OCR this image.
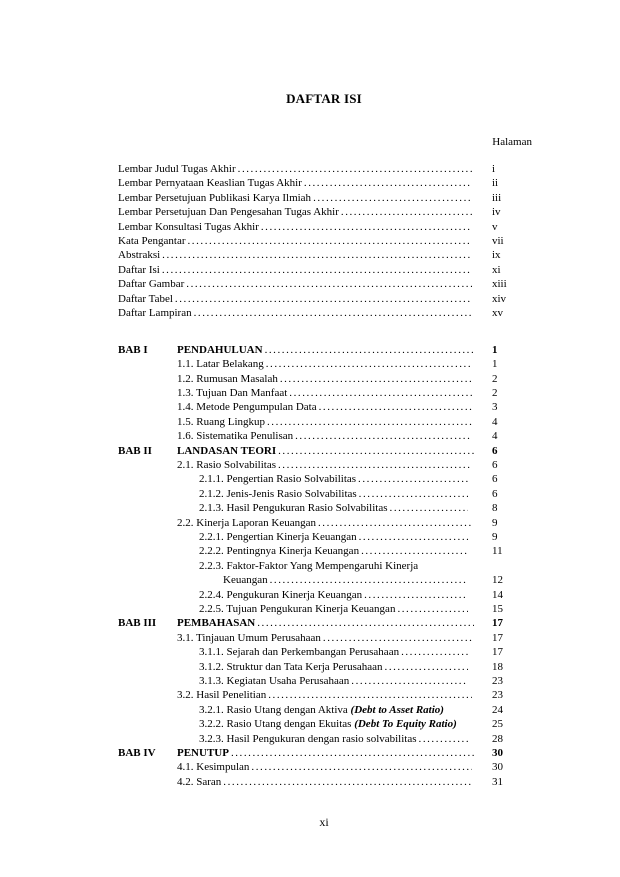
DAFTAR ISI
Halaman
Lembar Judul Tugas Akhir . . .	i
Lembar Pernyataan Keaslian Tugas Akhir . . .	ii
Lembar Persetujuan Publikasi Karya Ilmiah . . .	iii
Lembar Persetujuan Dan Pengesahan Tugas Akhir . . .	iv
Lembar Konsultasi Tugas Akhir . . .	v
Kata Pengantar . . .	vii
Abstraksi . . .	ix
Daftar Isi . . .	xi
Daftar Gambar . . .	xiii
Daftar Tabel . . .	xiv
Daftar Lampiran . . .	xv
BAB I	PENDAHULUAN . . .	1
1.1. Latar Belakang . . .	1
1.2. Rumusan Masalah . . .	2
1.3. Tujuan Dan Manfaat . . .	2
1.4. Metode Pengumpulan Data . . .	3
1.5. Ruang Lingkup . . .	4
1.6. Sistematika Penulisan . . .	4
BAB II LANDASAN TEORI . . .	6
2.1. Rasio Solvabilitas . . .	6
2.1.1. Pengertian Rasio Solvabilitas . . .	6
2.1.2. Jenis-Jenis Rasio Solvabilitas . . .	6
2.1.3. Hasil Pengukuran Rasio Solvabilitas . . .	8
2.2. Kinerja Laporan Keuangan . . .	9
2.2.1. Pengertian Kinerja Keuangan . . .	9
2.2.2. Pentingnya Kinerja Keuangan . . .	11
2.2.3. Faktor-Faktor Yang Mempengaruhi Kinerja
Keuangan . . .	12
2.2.4. Pengukuran Kinerja Keuangan . . .	14
2.2.5. Tujuan Pengukuran Kinerja Keuangan . . .	15
BAB III PEMBAHASAN . . .	17
3.1. Tinjauan Umum Perusahaan . . .	17
3.1.1. Sejarah dan Perkembangan Perusahaan . . .	17
3.1.2. Struktur dan Tata Kerja Perusahaan . . .	18
3.1.3. Kegiatan Usaha Perusahaan . . .	23
3.2. Hasil Penelitian . . .	23
3.2.1. Rasio Utang dengan Aktiva (Debt to Asset Ratio)	24
3.2.2. Rasio Utang dengan Ekuitas (Debt To Equity Ratio)	25
3.2.3. Hasil Pengukuran dengan rasio solvabilitas . . .	28
BAB IV PENUTUP . . .	30
4.1. Kesimpulan . . .	30
4.2. Saran . . .	31
xi
